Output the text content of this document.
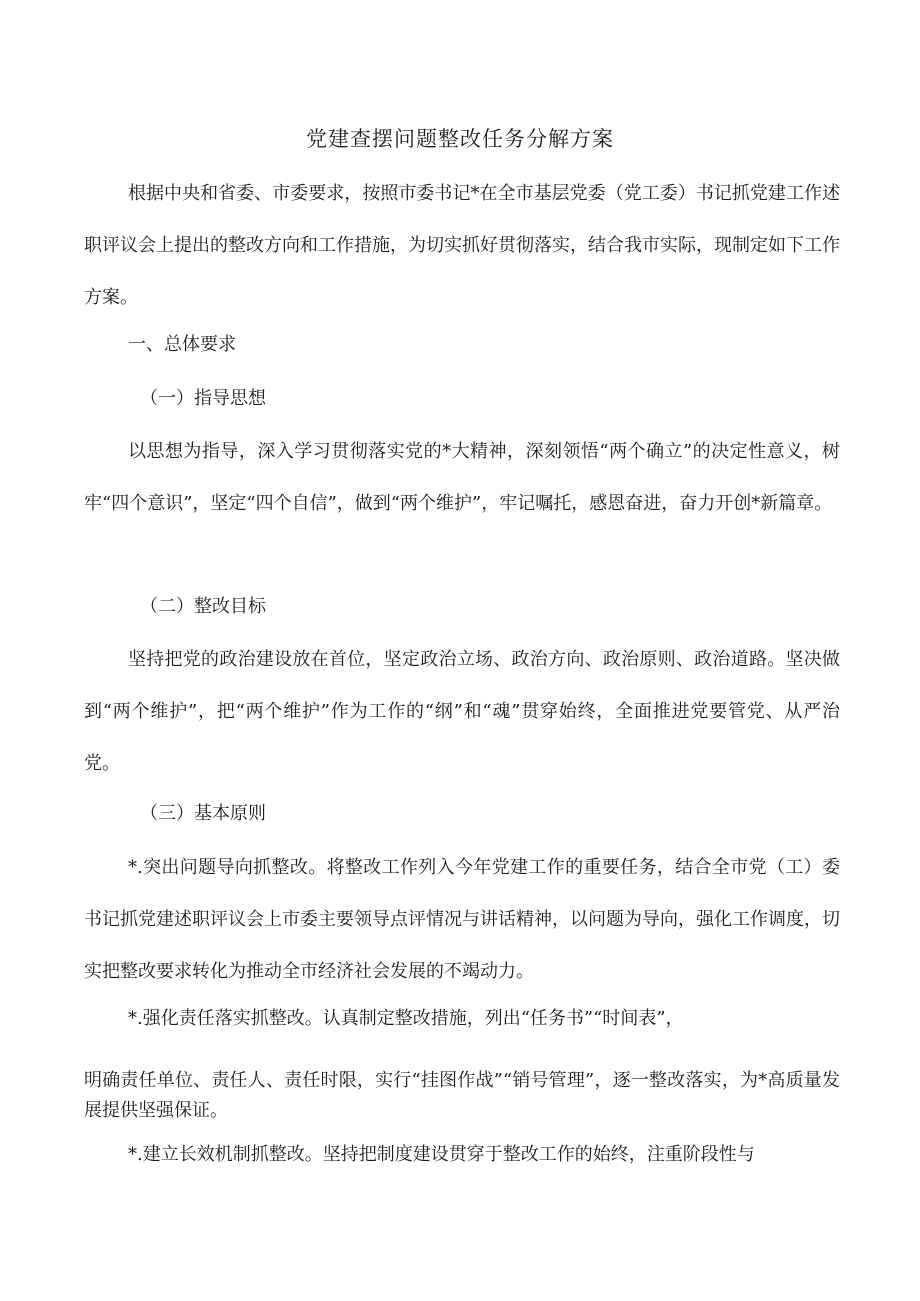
党建查摆问题整改任务分解方案

根据中央和省委、市委要求，按照市委书记*在全市基层党委（党工委）书记抓党建工作述职评议会上提出的整改方向和工作措施，为切实抓好贯彻落实，结合我市实际，现制定如下工作方案。

一、总体要求
（一）指导思想

以思想为指导，深入学习贯彻落实党的*大精神，深刻领悟“两个确立”的决定性意义，树牢“四个意识”，坚定“四个自信”，做到“两个维护”，牢记嘱托，感恩奋进，奋力开创*新篇章。

（二）整改目标

坚持把党的政治建设放在首位，坚定政治立场、政治方向、政治原则、政治道路。坚决做到“两个维护”，把“两个维护”作为工作的“纲”和“魂”贯穿始终，全面推进党要管党、从严治党。

（三）基本原则

*.突出问题导向抓整改。将整改工作列入今年党建工作的重要任务，结合全市党（工）委书记抓党建述职评议会上市委主要领导点评情况与讲话精神，以问题为导向，强化工作调度，切实把整改要求转化为推动全市经济社会发展的不竭动力。

*.强化责任落实抓整改。认真制定整改措施，列出“任务书”“时间表”，

明确责任单位、责任人、责任时限，实行“挂图作战”“销号管理”，逐一整改落实，为*高质量发展提供坚强保证。

*.建立长效机制抓整改。坚持把制度建设贯穿于整改工作的始终，注重阶段性与
